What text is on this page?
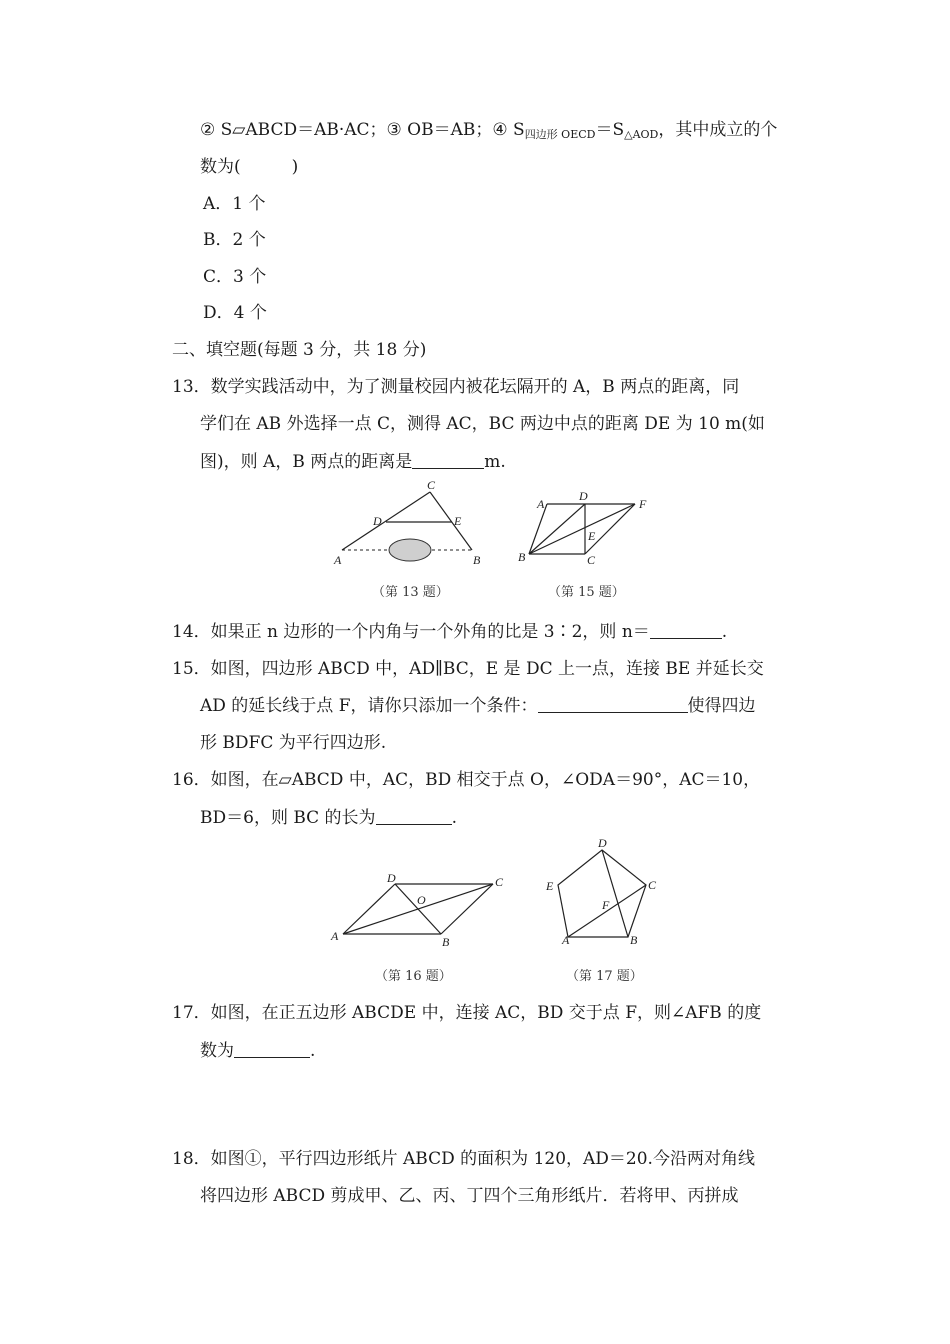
② S▱ABCD＝AB·AC；③ OB＝AB；④ $S_{四边形 OECD}=S_{\triangle AOD}$，其中成立的个
数为(　　　)
A．1 个
B．2 个
C．3 个
D．4 个
二、填空题(每题 3 分，共 18 分)
13．数学实践活动中，为了测量校园内被花坛隔开的 A，B 两点的距离，同
学们在 AB 外选择一点 C，测得 AC，BC 两边中点的距离 DE 为 10 m(如
图)，则 A，B 两点的距离是	m.
A	B
C
D	E
（第 13 题）
A
B	C
D
E
F
（第 15 题）
14．如果正 n 边形的一个内角与一个外角的比是 3∶2，则 n＝	.
15．如图，四边形 ABCD 中，AD∥BC，E 是 DC 上一点，连接 BE 并延长交
AD 的延长线于点 F，请你只添加一个条件：	使得四边
形 BDFC 为平行四边形.
16．如图，在▱ABCD 中，AC，BD 相交于点 O，∠ODA＝90°，AC＝10，
BD＝6，则 BC 的长为	.
A	B
C
D
O
（第 16 题）
A	B
C
D
E
F
（第 17 题）
17．如图，在正五边形 ABCDE 中，连接 AC，BD 交于点 F，则∠AFB 的度
数为	.
18．如图①，平行四边形纸片 ABCD 的面积为 120，AD＝20.今沿两对角线
将四边形 ABCD 剪成甲、乙、丙、丁四个三角形纸片．若将甲、丙拼成
